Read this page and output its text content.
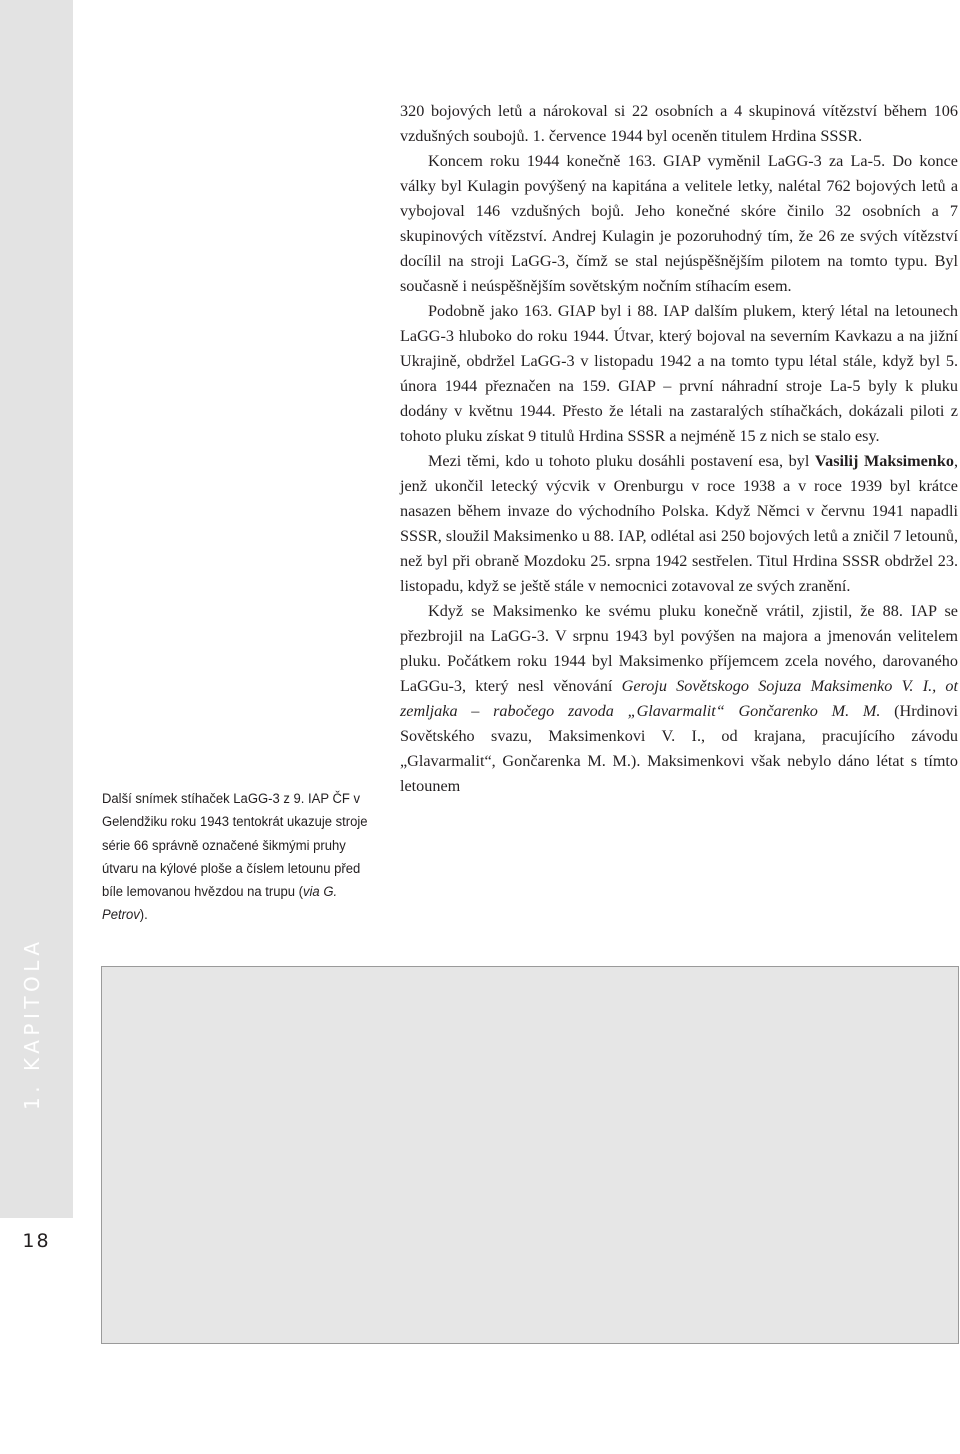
1. KAPITOLA
18
Další snímek stíhaček LaGG-3 z 9. IAP ČF v Gelendžiku roku 1943 tentokrát ukazuje stroje série 66 správně označené šikmými pruhy útvaru na kýlové ploše a číslem letounu před bíle lemovanou hvězdou na trupu (via G. Petrov).

320 bojových letů a nárokoval si 22 osobních a 4 skupinová vítězství během 106 vzdušných soubojů. 1. července 1944 byl oceněn titulem Hrdina SSSR.

Koncem roku 1944 konečně 163. GIAP vyměnil LaGG-3 za La-5. Do konce války byl Kulagin povýšený na kapitána a velitele letky, nalétal 762 bojových letů a vybojoval 146 vzdušných bojů. Jeho konečné skóre činilo 32 osobních a 7 skupinových vítězství. Andrej Kulagin je pozoruhodný tím, že 26 ze svých vítězství docílil na stroji LaGG-3, čímž se stal nejúspěšnějším pilotem na tomto typu. Byl současně i neúspěšnějším sovětským nočním stíhacím esem.

Podobně jako 163. GIAP byl i 88. IAP dalším plukem, který létal na letounech LaGG-3 hluboko do roku 1944. Útvar, který bojoval na severním Kavkazu a na jižní Ukrajině, obdržel LaGG-3 v listopadu 1942 a na tomto typu létal stále, když byl 5. února 1944 přeznačen na 159. GIAP – první náhradní stroje La-5 byly k pluku dodány v květnu 1944. Přesto že létali na zastaralých stíhačkách, dokázali piloti z tohoto pluku získat 9 titulů Hrdina SSSR a nejméně 15 z nich se stalo esy.

Mezi těmi, kdo u tohoto pluku dosáhli postavení esa, byl Vasilij Maksimenko, jenž ukončil letecký výcvik v Orenburgu v roce 1938 a v roce 1939 byl krátce nasazen během invaze do východního Polska. Když Němci v červnu 1941 napadli SSSR, sloužil Maksimenko u 88. IAP, odlétal asi 250 bojových letů a zničil 7 letounů, než byl při obraně Mozdoku 25. srpna 1942 sestřelen. Titul Hrdina SSSR obdržel 23. listopadu, když se ještě stále v nemocnici zotavoval ze svých zranění.

Když se Maksimenko ke svému pluku konečně vrátil, zjistil, že 88. IAP se přezbrojil na LaGG-3. V srpnu 1943 byl povýšen na majora a jmenován velitelem pluku. Počátkem roku 1944 byl Maksimenko příjemcem zcela nového, darovaného LaGGu-3, který nesl věnování Geroju Sovětskogo Sojuza Maksimenko V. I., ot zemljaka – rabočego zavoda „Glavarmalit“ Gončarenko M. M. (Hrdinovi Sovětského svazu, Maksimenkovi V. I., od krajana, pracujícího závodu „Glavarmalit“, Gončarenka M. M.). Maksimenkovi však nebylo dáno létat s tímto letounem
